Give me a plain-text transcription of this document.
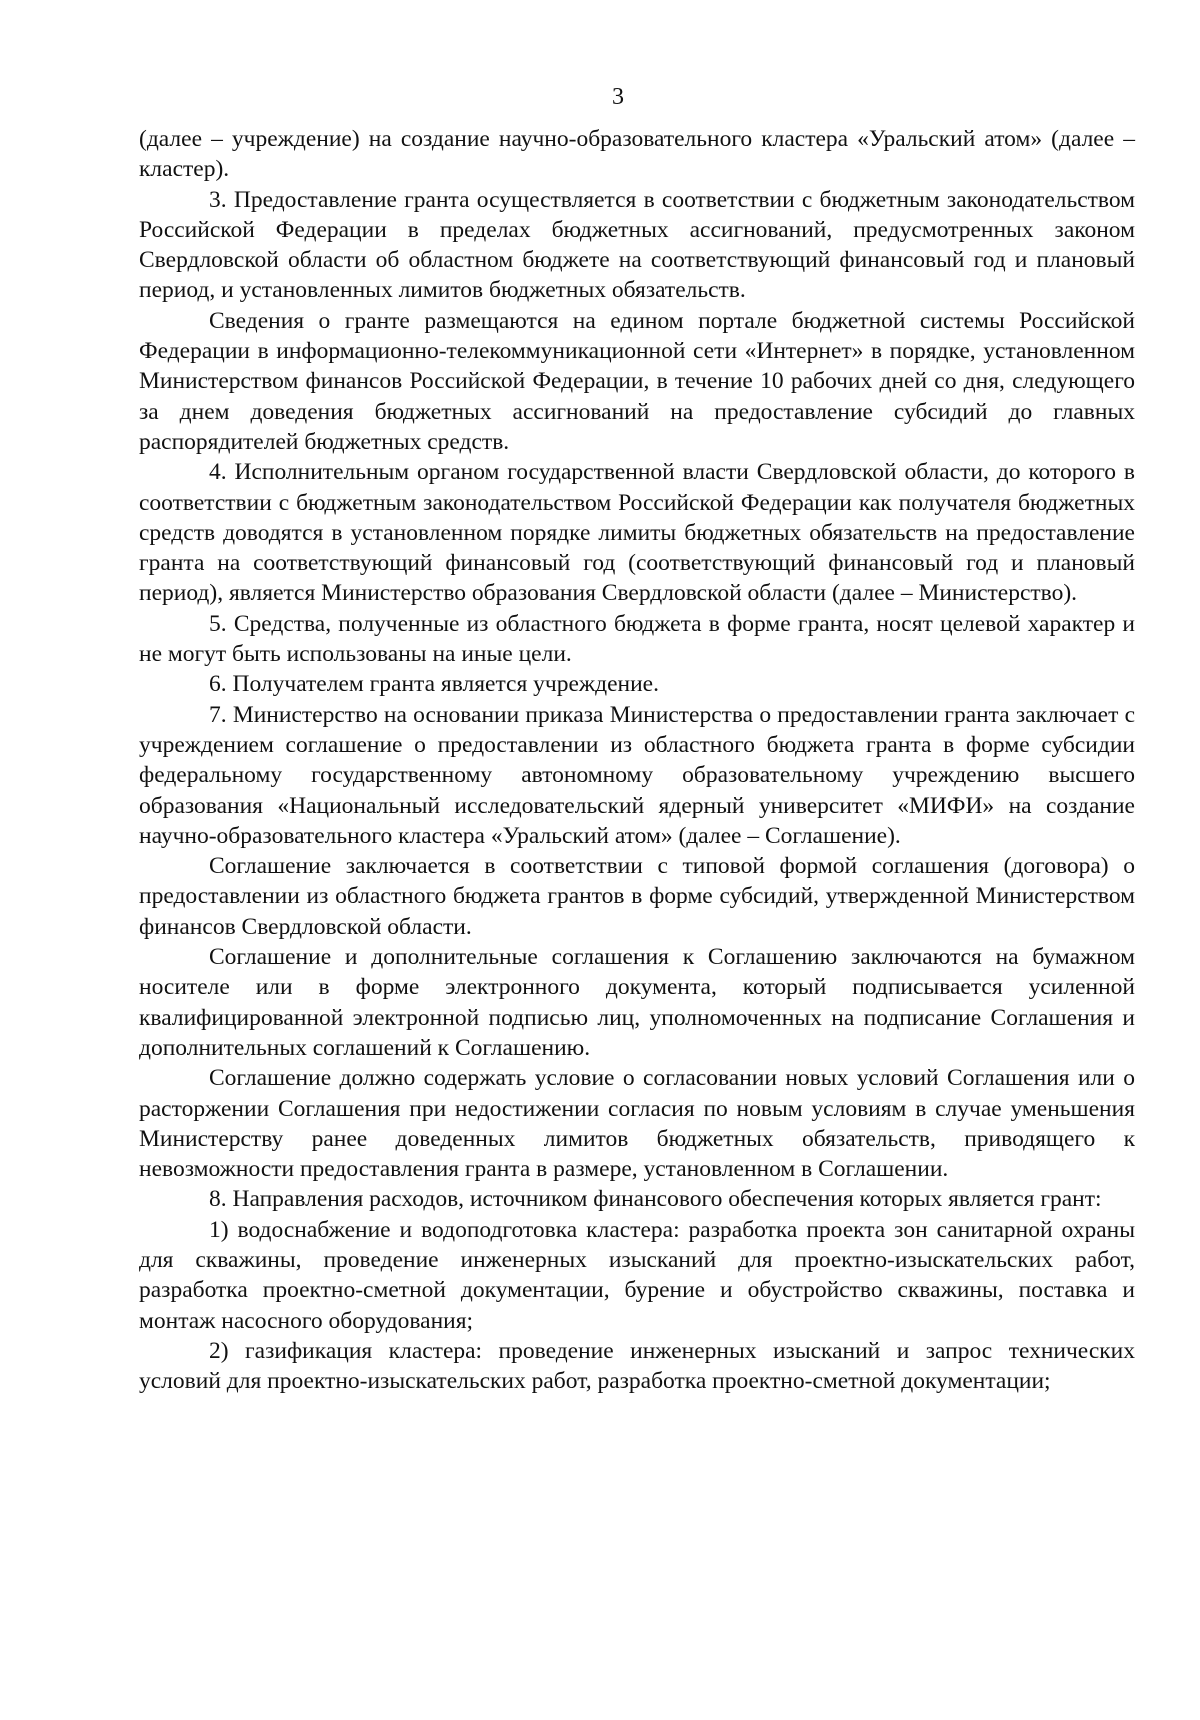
3

(далее – учреждение) на создание научно-образовательного кластера «Уральский атом» (далее – кластер).

3. Предоставление гранта осуществляется в соответствии с бюджетным законодательством Российской Федерации в пределах бюджетных ассигнований, предусмотренных законом Свердловской области об областном бюджете на соответствующий финансовый год и плановый период, и установленных лимитов бюджетных обязательств.

Сведения о гранте размещаются на едином портале бюджетной системы Российской Федерации в информационно-телекоммуникационной сети «Интернет» в порядке, установленном Министерством финансов Российской Федерации, в течение 10 рабочих дней со дня, следующего за днем доведения бюджетных ассигнований на предоставление субсидий до главных распорядителей бюджетных средств.

4. Исполнительным органом государственной власти Свердловской области, до которого в соответствии с бюджетным законодательством Российской Федерации как получателя бюджетных средств доводятся в установленном порядке лимиты бюджетных обязательств на предоставление гранта на соответствующий финансовый год (соответствующий финансовый год и плановый период), является Министерство образования Свердловской области (далее – Министерство).

5. Средства, полученные из областного бюджета в форме гранта, носят целевой характер и не могут быть использованы на иные цели.

6. Получателем гранта является учреждение.

7. Министерство на основании приказа Министерства о предоставлении гранта заключает с учреждением соглашение о предоставлении из областного бюджета гранта в форме субсидии федеральному государственному автономному образовательному учреждению высшего образования «Национальный исследовательский ядерный университет «МИФИ» на создание научно-образовательного кластера «Уральский атом» (далее – Соглашение).

Соглашение заключается в соответствии с типовой формой соглашения (договора) о предоставлении из областного бюджета грантов в форме субсидий, утвержденной Министерством финансов Свердловской области.

Соглашение и дополнительные соглашения к Соглашению заключаются на бумажном носителе или в форме электронного документа, который подписывается усиленной квалифицированной электронной подписью лиц, уполномоченных на подписание Соглашения и дополнительных соглашений к Соглашению.

Соглашение должно содержать условие о согласовании новых условий Соглашения или о расторжении Соглашения при недостижении согласия по новым условиям в случае уменьшения Министерству ранее доведенных лимитов бюджетных обязательств, приводящего к невозможности предоставления гранта в размере, установленном в Соглашении.

8. Направления расходов, источником финансового обеспечения которых является грант:

1) водоснабжение и водоподготовка кластера: разработка проекта зон санитарной охраны для скважины, проведение инженерных изысканий для проектно-изыскательских работ, разработка проектно-сметной документации, бурение и обустройство скважины, поставка и монтаж насосного оборудования;

2) газификация кластера: проведение инженерных изысканий и запрос технических условий для проектно-изыскательских работ, разработка проектно-сметной документации;
